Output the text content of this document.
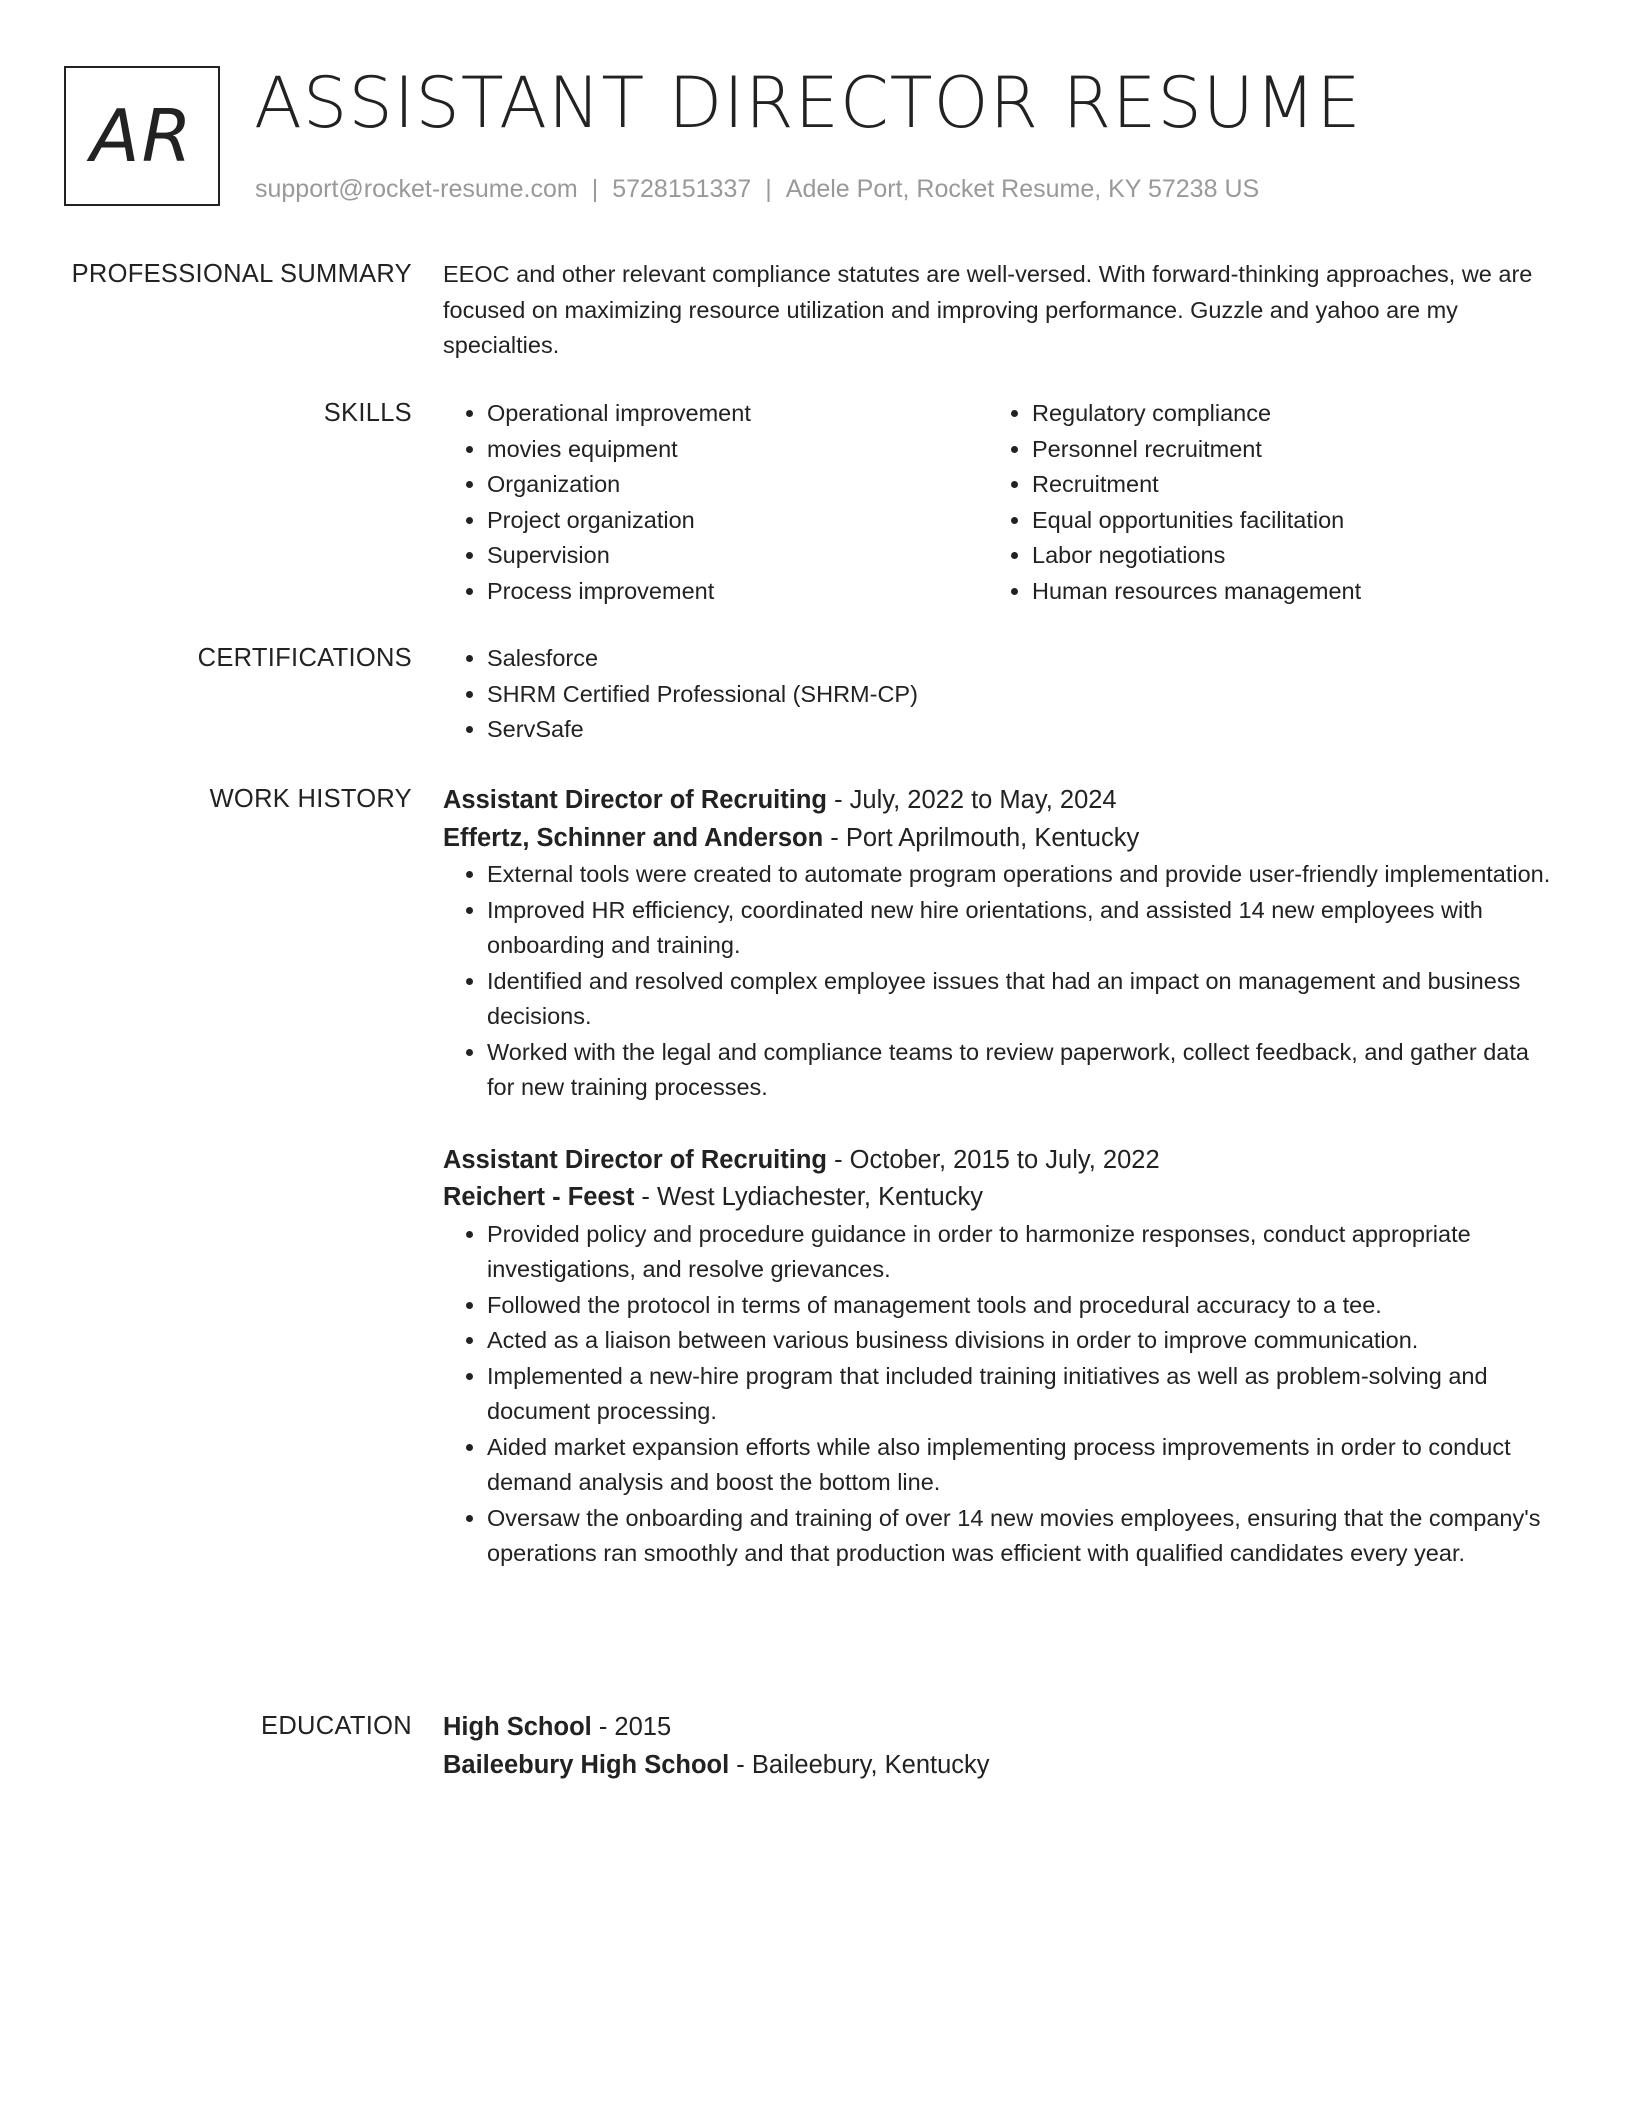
AR ASSISTANT DIRECTOR RESUME
support@rocket-resume.com | 5728151337 | Adele Port, Rocket Resume, KY 57238 US
PROFESSIONAL SUMMARY EEOC and other relevant compliance statutes are well-versed. With forward-thinking approaches, we are focused on maximizing resource utilization and improving performance. Guzzle and yahoo are my specialties.

SKILLS	• Operational improvement
• movies equipment
• Organization
• Project organization
• Supervision
• Process improvement
• Regulatory compliance
• Personnel recruitment
• Recruitment
• Equal opportunities facilitation
• Labor negotiations
• Human resources management
CERTIFICATIONS	• Salesforce
• SHRM Certified Professional (SHRM-CP)
• ServSafe
WORK HISTORY Assistant Director of Recruiting - July, 2022 to May, 2024
Effertz, Schinner and Anderson - Port Aprilmouth, Kentucky
• External tools were created to automate program operations and provide user-friendly implementation.
• Improved HR efficiency, coordinated new hire orientations, and assisted 14 new employees with onboarding and training.
• Identified and resolved complex employee issues that had an impact on management and business decisions.
• Worked with the legal and compliance teams to review paperwork, collect feedback, and gather data for new training processes.
Assistant Director of Recruiting - October, 2015 to July, 2022
Reichert - Feest - West Lydiachester, Kentucky
• Provided policy and procedure guidance in order to harmonize responses, conduct appropriate investigations, and resolve grievances.
• Followed the protocol in terms of management tools and procedural accuracy to a tee.
• Acted as a liaison between various business divisions in order to improve communication.
• Implemented a new-hire program that included training initiatives as well as problem-solving and document processing.
• Aided market expansion efforts while also implementing process improvements in order to conduct demand analysis and boost the bottom line.
• Oversaw the onboarding and training of over 14 new movies employees, ensuring that the company's operations ran smoothly and that production was efficient with qualified candidates every year.
EDUCATION High School - 2015
Baileebury High School - Baileebury, Kentucky
